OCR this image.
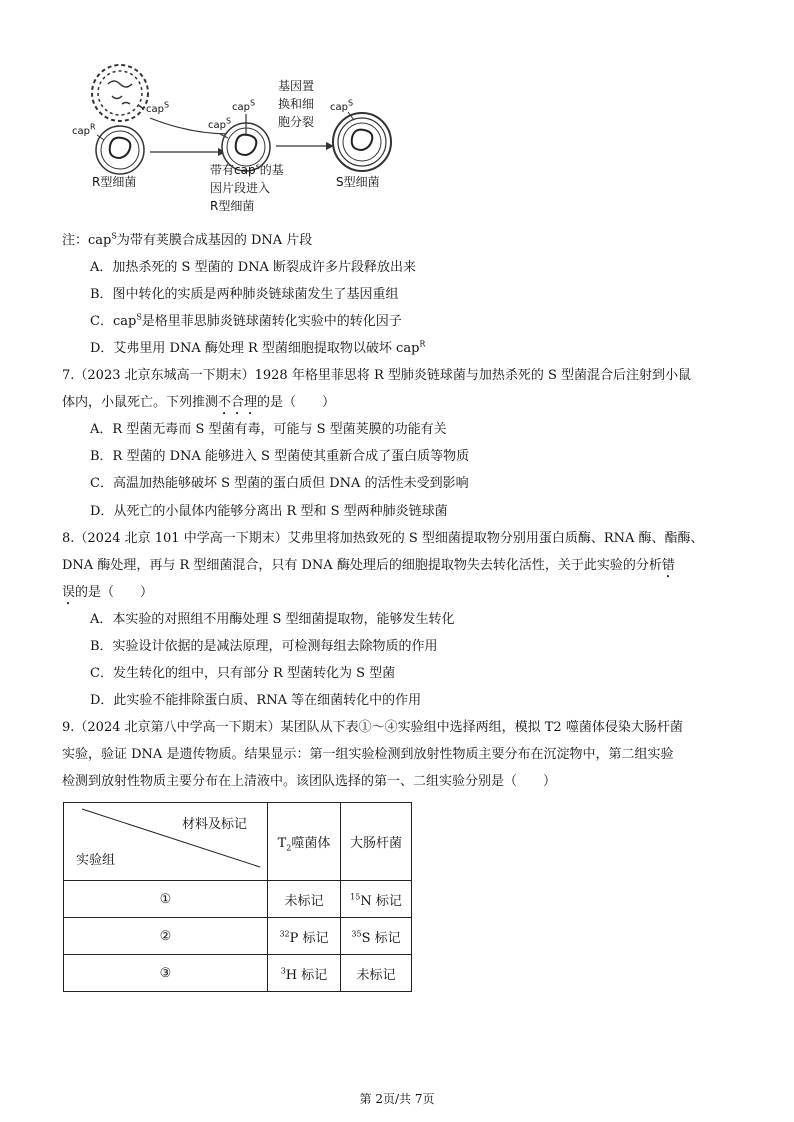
cap$^S$
cap$^R$
cap$^S$
cap$^S$
cap$^S$
R型细菌
带有cap$^s$的基
因片段进入
R型细菌
基因置
换和细
胞分裂
S型细菌
注：cap$^S$为带有荚膜合成基因的 DNA 片段
A．加热杀死的 S 型菌的 DNA 断裂成许多片段释放出来
B．图中转化的实质是两种肺炎链球菌发生了基因重组
C．cap$^S$是格里菲思肺炎链球菌转化实验中的转化因子
D．艾弗里用 DNA 酶处理 R 型菌细胞提取物以破坏 cap$^R$
7.（2023 北京东城高一下期末）1928 年格里菲思将 R 型肺炎链球菌与加热杀死的 S 型菌混合后注射到小鼠
体内，小鼠死亡。下列推测不合理的是（　　）
A．R 型菌无毒而 S 型菌有毒，可能与 S 型菌荚膜的功能有关
B．R 型菌的 DNA 能够进入 S 型菌使其重新合成了蛋白质等物质
C．高温加热能够破坏 S 型菌的蛋白质但 DNA 的活性未受到影响
D．从死亡的小鼠体内能够分离出 R 型和 S 型两种肺炎链球菌
8.（2024 北京 101 中学高一下期末）艾弗里将加热致死的 S 型细菌提取物分别用蛋白质酶、RNA 酶、酯酶、
DNA 酶处理，再与 R 型细菌混合，只有 DNA 酶处理后的细胞提取物失去转化活性，关于此实验的分析错
误的是（　　）
A．本实验的对照组不用酶处理 S 型细菌提取物，能够发生转化
B．实验设计依据的是减法原理，可检测每组去除物质的作用
C．发生转化的组中，只有部分 R 型菌转化为 S 型菌
D．此实验不能排除蛋白质、RNA 等在细菌转化中的作用
9.（2024 北京第八中学高一下期末）某团队从下表①～④实验组中选择两组，模拟 T2 噬菌体侵染大肠杆菌
实验，验证 DNA 是遗传物质。结果显示：第一组实验检测到放射性物质主要分布在沉淀物中，第二组实验
检测到放射性物质主要分布在上清液中。该团队选择的第一、二组实验分别是（　　）
材料及标记
实验组	$T_2$噬菌体	大肠杆菌
①	未标记	$^{15}$N 标记
②	$^{32}$P 标记	$^{35}$S 标记
③	$^3$H 标记	未标记
第 2页/共 7页
